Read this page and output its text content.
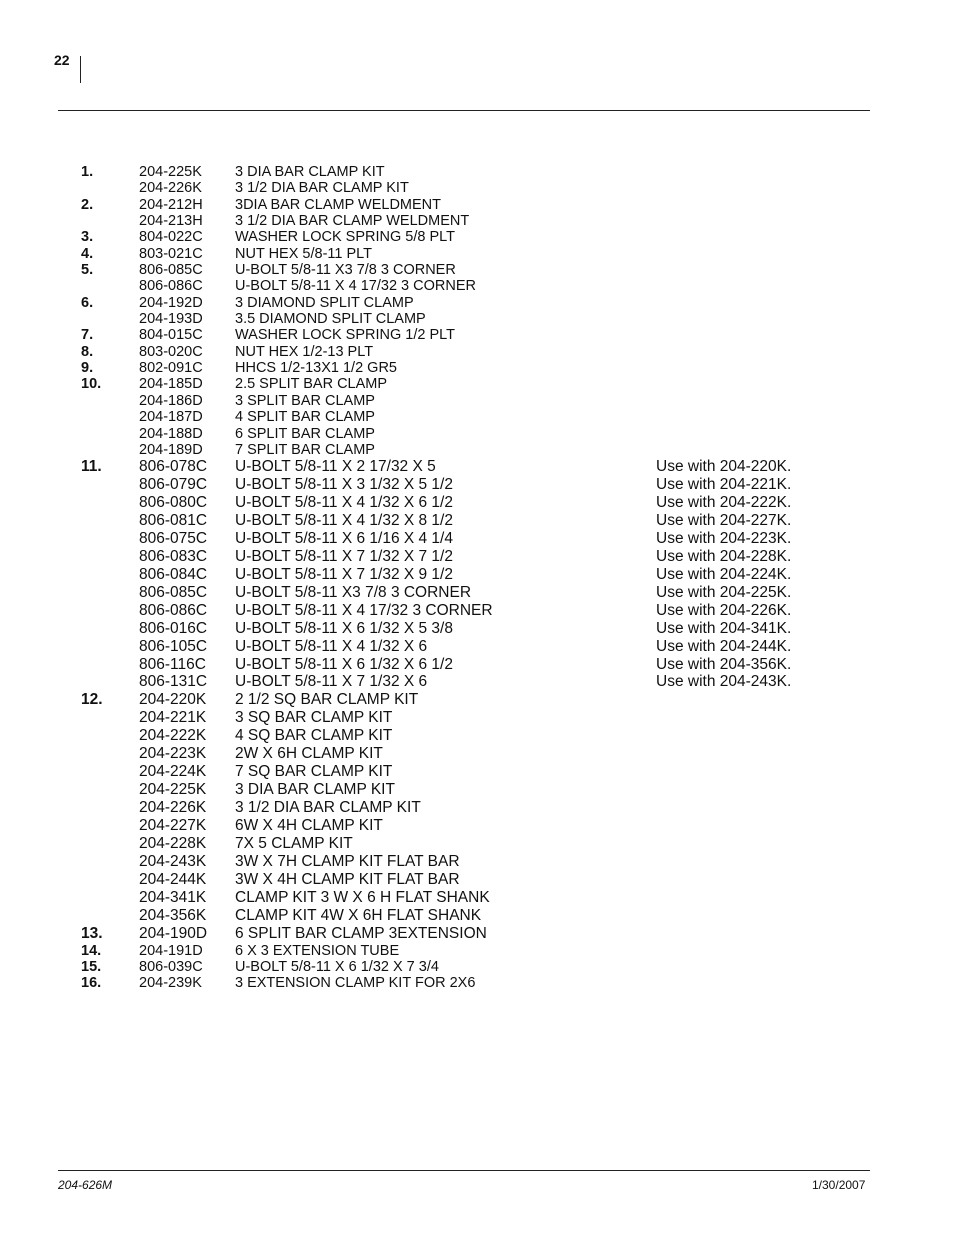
22
1.	204-225K 3 DIA BAR CLAMP KIT
204-226K 3 1/2 DIA BAR CLAMP KIT
2.	204-212H 3DIA BAR CLAMP WELDMENT
204-213H 3 1/2 DIA BAR CLAMP WELDMENT
3.	804-022C WASHER LOCK SPRING 5/8 PLT
4.	803-021C NUT HEX 5/8-11 PLT
5.	806-085C U-BOLT 5/8-11 X3 7/8 3 CORNER
806-086C U-BOLT 5/8-11 X 4 17/32 3 CORNER
6.	204-192D 3 DIAMOND SPLIT CLAMP
204-193D 3.5 DIAMOND SPLIT CLAMP
7.	804-015C WASHER LOCK SPRING 1/2 PLT
8.	803-020C NUT HEX 1/2-13 PLT
9.	802-091C HHCS 1/2-13X1 1/2 GR5
10.	204-185D 2.5 SPLIT BAR CLAMP
204-186D 3 SPLIT BAR CLAMP
204-187D 4 SPLIT BAR CLAMP
204-188D 6 SPLIT BAR CLAMP
204-189D 7 SPLIT BAR CLAMP
11. 806-078C U-BOLT 5/8-11 X 2 17/32 X 5	Use with 204-220K.
806-079C U-BOLT 5/8-11 X 3 1/32 X 5 1/2	Use with 204-221K.
806-080C U-BOLT 5/8-11 X 4 1/32 X 6 1/2	Use with 204-222K.
806-081C U-BOLT 5/8-11 X 4 1/32 X 8 1/2	Use with 204-227K.
806-075C U-BOLT 5/8-11 X 6 1/16 X 4 1/4	Use with 204-223K.
806-083C U-BOLT 5/8-11 X 7 1/32 X 7 1/2	Use with 204-228K.
806-084C U-BOLT 5/8-11 X 7 1/32 X 9 1/2	Use with 204-224K.
806-085C U-BOLT 5/8-11 X3 7/8 3 CORNER	Use with 204-225K.
806-086C U-BOLT 5/8-11 X 4 17/32 3 CORNER	Use with 204-226K.
806-016C U-BOLT 5/8-11 X 6 1/32 X 5 3/8	Use with 204-341K.
806-105C U-BOLT 5/8-11 X 4 1/32 X 6	Use with 204-244K.
806-116C U-BOLT 5/8-11 X 6 1/32 X 6 1/2	Use with 204-356K.
806-131C U-BOLT 5/8-11 X 7 1/32 X 6	Use with 204-243K.
12. 204-220K 2 1/2 SQ BAR CLAMP KIT
204-221K 3 SQ BAR CLAMP KIT
204-222K 4 SQ BAR CLAMP KIT
204-223K 2W X 6H CLAMP KIT
204-224K 7 SQ BAR CLAMP KIT
204-225K 3 DIA BAR CLAMP KIT
204-226K 3 1/2 DIA BAR CLAMP KIT
204-227K 6W X 4H CLAMP KIT
204-228K 7X 5 CLAMP KIT
204-243K 3W X 7H CLAMP KIT FLAT BAR
204-244K 3W X 4H CLAMP KIT FLAT BAR
204-341K CLAMP KIT 3 W X 6 H FLAT SHANK
204-356K CLAMP KIT 4W X 6H FLAT SHANK
13. 204-190D 6 SPLIT BAR CLAMP 3EXTENSION
14.	204-191D 6 X 3 EXTENSION TUBE
15.	806-039C U-BOLT 5/8-11 X 6 1/32 X 7 3/4
16.	204-239K 3 EXTENSION CLAMP KIT FOR 2X6
204-626M	1/30/2007
